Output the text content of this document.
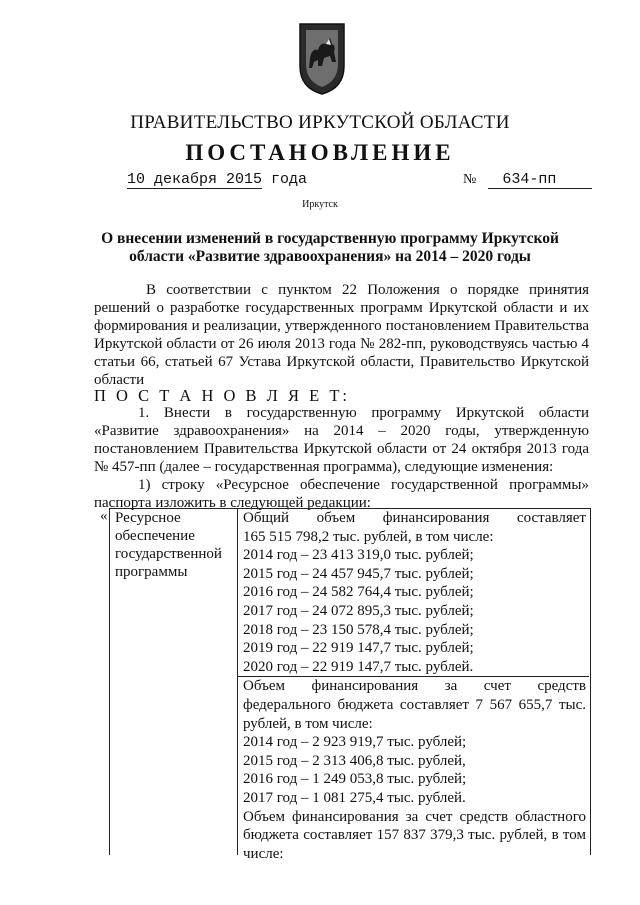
ПРАВИТЕЛЬСТВО ИРКУТСКОЙ ОБЛАСТИ
ПОСТАНОВЛЕНИЕ
10 декабря 2015 года	№ 634-пп
Иркутск
О внесении изменений в государственную программу Иркутской области «Развитие здравоохранения» на 2014 – 2020 годы
В соответствии с пунктом 22 Положения о порядке принятия решений о разработке государственных программ Иркутской области и их формирования и реализации, утвержденного постановлением Правительства Иркутской области от 26 июля 2013 года № 282-пп, руководствуясь частью 4 статьи 66, статьей 67 Устава Иркутской области, Правительство Иркутской области
П О С Т А Н О В Л Я Е Т:
1. Внести в государственную программу Иркутской области «Развитие здравоохранения» на 2014 – 2020 годы, утвержденную постановлением Правительства Иркутской области от 24 октября 2013 года № 457-пп (далее – государственная программа), следующие изменения:
1) строку «Ресурсное обеспечение государственной программы» паспорта изложить в следующей редакции:
« Ресурсное обеспечение государственной программы
Общий объем финансирования составляет
165 515 798,2 тыс. рублей, в том числе:
2014 год – 23 413 319,0 тыс. рублей;
2015 год – 24 457 945,7 тыс. рублей;
2016 год – 24 582 764,4 тыс. рублей;
2017 год – 24 072 895,3 тыс. рублей;
2018 год – 23 150 578,4 тыс. рублей;
2019 год – 22 919 147,7 тыс. рублей;
2020 год – 22 919 147,7 тыс. рублей.
Объем финансирования за счет средств федерального бюджета составляет 7 567 655,7 тыс. рублей, в том числе:
2014 год – 2 923 919,7 тыс. рублей;
2015 год – 2 313 406,8 тыс. рублей,
2016 год – 1 249 053,8 тыс. рублей;
2017 год – 1 081 275,4 тыс. рублей.
Объем финансирования за счет средств областного бюджета составляет 157 837 379,3 тыс. рублей, в том числе:
